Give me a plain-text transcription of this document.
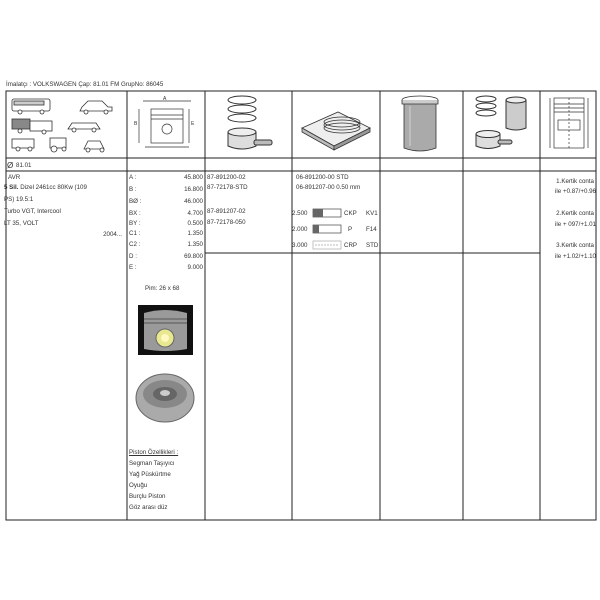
İmalatçı : VOLKSWAGEN Çap: 81.01 FM GrupNo: 86045
A
B	E
Ø 81.01
AVR
5 Sil. Dizel 2461cc 80Kw (109
PS) 19.5:1
Turbo VGT, Intercool
LT 35, VOLT
2004...
A :	45.800
B :	16.800
BØ :	46.000
BX :	4.700
BY :	0.500
C1 :	1.350
C2 :	1.350
D :	69.800
E :	9.000
Pim: 26 x 68
Piston Özellikleri :
Segman Taşıyıcı
Yağ Püskürtme
Oyuğu
Burçlu Piston
Göz arası düz
87-891200-02
87-72178-STD
87-891207-02
87-72178-050
06-891200-00 STD
06-891207-00 0.50 mm
2.500	CKP KV1
2.000	P F14
3.000	CRP STD
1.Kertik conta
ile +0.87/+0.96
2.Kertik conta
ile + 097/+1.01
3.Kertik conta
ile +1.02/+1.10
